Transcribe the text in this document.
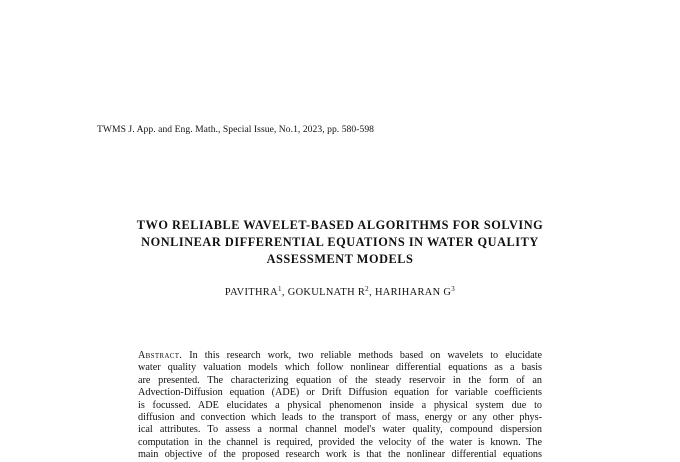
TWMS J. App. and Eng. Math., Special Issue, No.1, 2023, pp. 580-598
TWO RELIABLE WAVELET-BASED ALGORITHMS FOR SOLVING
NONLINEAR DIFFERENTIAL EQUATIONS IN WATER QUALITY
ASSESSMENT MODELS
PAVITHRA$^1$, GOKULNATH $R^2$, HARIHARAN $G^3$
Abstract. In this research work, two reliable methods based on wavelets to elucidate
water quality valuation models which follow nonlinear differential equations as a basis
are presented. The characterizing equation of the steady reservoir in the form of an
Advection-Diffusion equation (ADE) or Drift Diffusion equation for variable coefficients
is focussed. ADE elucidates a physical phenomenon inside a physical system due to
diffusion and convection which leads to the transport of mass, energy or any other phys-
ical attributes. To assess a normal channel model's water quality, compound dispersion
computation in the channel is required, provided the velocity of the water is known. The
main objective of the proposed research work is that the nonlinear differential equations
